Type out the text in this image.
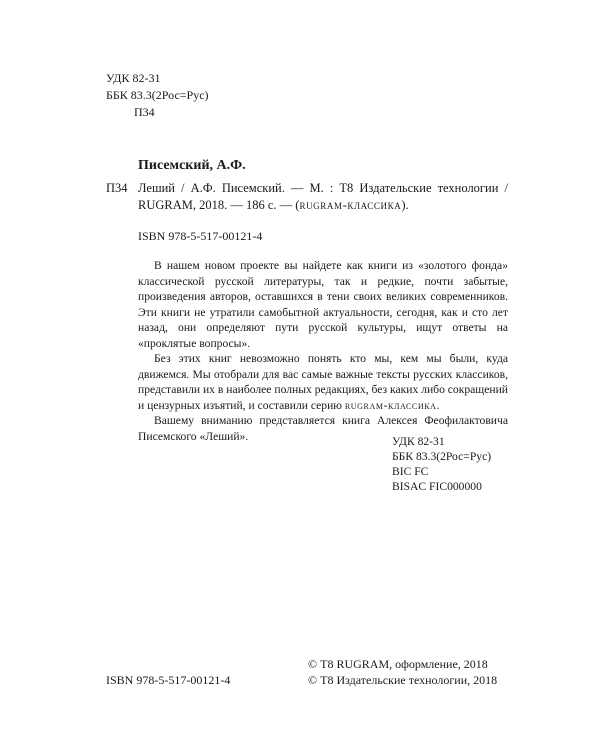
УДК 82-31
ББК 83.3(2Рос=Рус)
П34
Писемский, А.Ф.
П34 Леший / А.Ф. Писемский. — М. : Т8 Издательские технологии / RUGRAM, 2018. — 186 с. — (rugram-классика).
ISBN 978-5-517-00121-4

В нашем новом проекте вы найдете как книги из «золотого фонда» классической русской литературы, так и редкие, почти забытые, произведения авторов, оставшихся в тени своих великих современников. Эти книги не утратили самобытной актуальности, сегодня, как и сто лет назад, они определяют пути русской культуры, ищут ответы на «проклятые вопросы».

Без этих книг невозможно понять кто мы, кем мы были, куда движемся. Мы отобрали для вас самые важные тексты русских классиков, представили их в наиболее полных редакциях, без каких либо сокращений и цензурных изъятий, и составили серию rugram-классика.

Вашему вниманию представляется книга Алексея Феофилактовича Писемского «Леший».	УДК 82-31
ББК 83.3(2Рос=Рус)
BIC FC
BISAC FIC000000
© Т8 RUGRAM, оформление, 2018
© Т8 Издательские технологии, 2018
ISBN 978-5-517-00121-4
